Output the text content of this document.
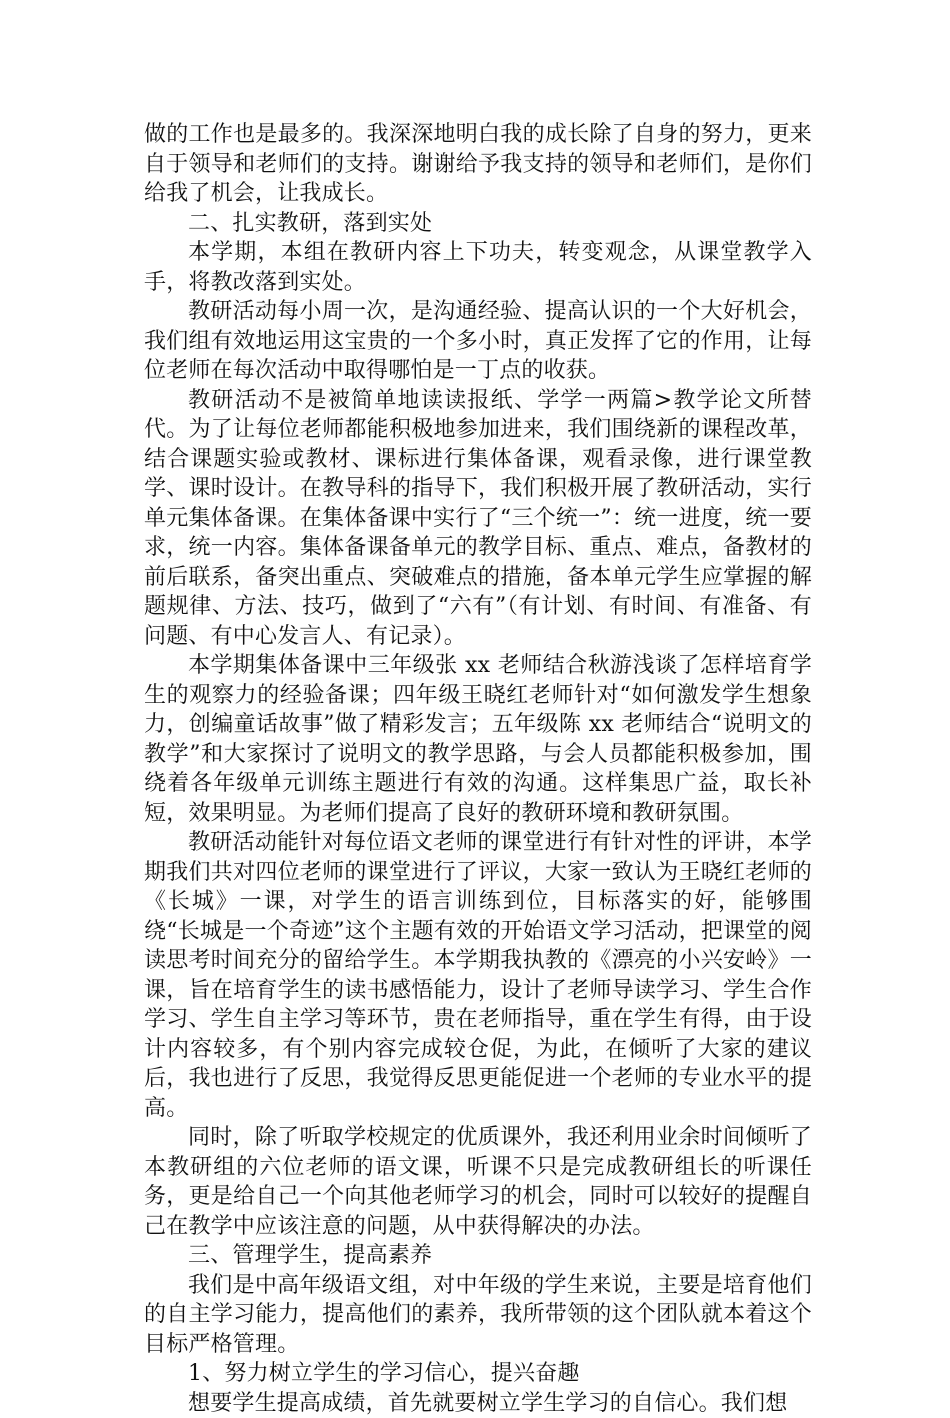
做的工作也是最多的。我深深地明白我的成长除了自身的努力，更来自于领导和老师们的支持。谢谢给予我支持的领导和老师们，是你们给我了机会，让我成长。

二、扎实教研，落到实处

本学期，本组在教研内容上下功夫，转变观念，从课堂教学入手，将教改落到实处。

教研活动每小周一次，是沟通经验、提高认识的一个大好机会，我们组有效地运用这宝贵的一个多小时，真正发挥了它的作用，让每位老师在每次活动中取得哪怕是一丁点的收获。

教研活动不是被简单地读读报纸、学学一两篇>教学论文所替代。为了让每位老师都能积极地参加进来，我们围绕新的课程改革，结合课题实验或教材、课标进行集体备课，观看录像，进行课堂教学、课时设计。在教导科的指导下，我们积极开展了教研活动，实行单元集体备课。在集体备课中实行了“三个统一”：统一进度，统一要求，统一内容。集体备课备单元的教学目标、重点、难点，备教材的前后联系，备突出重点、突破难点的措施，备本单元学生应掌握的解题规律、方法、技巧，做到了“六有”（有计划、有时间、有准备、有问题、有中心发言人、有记录）。

本学期集体备课中三年级张 xx 老师结合秋游浅谈了怎样培育学生的观察力的经验备课；四年级王晓红老师针对“如何激发学生想象力，创编童话故事”做了精彩发言；五年级陈 xx 老师结合“说明文的教学”和大家探讨了说明文的教学思路，与会人员都能积极参加，围绕着各年级单元训练主题进行有效的沟通。这样集思广益，取长补短，效果明显。为老师们提高了良好的教研环境和教研氛围。

教研活动能针对每位语文老师的课堂进行有针对性的评讲，本学期我们共对四位老师的课堂进行了评议，大家一致认为王晓红老师的《长城》一课，对学生的语言训练到位，目标落实的好，能够围绕“长城是一个奇迹”这个主题有效的开始语文学习活动，把课堂的阅读思考时间充分的留给学生。本学期我执教的《漂亮的小兴安岭》一课，旨在培育学生的读书感悟能力，设计了老师导读学习、学生合作学习、学生自主学习等环节，贵在老师指导，重在学生有得，由于设计内容较多，有个别内容完成较仓促，为此，在倾听了大家的建议后，我也进行了反思，我觉得反思更能促进一个老师的专业水平的提高。

同时，除了听取学校规定的优质课外，我还利用业余时间倾听了本教研组的六位老师的语文课，听课不只是完成教研组长的听课任务，更是给自己一个向其他老师学习的机会，同时可以较好的提醒自己在教学中应该注意的问题，从中获得解决的办法。

三、管理学生，提高素养

我们是中高年级语文组，对中年级的学生来说，主要是培育他们的自主学习能力，提高他们的素养，我所带领的这个团队就本着这个目标严格管理。

1、努力树立学生的学习信心，提兴奋趣

想要学生提高成绩，首先就要树立学生学习的自信心。我们想
